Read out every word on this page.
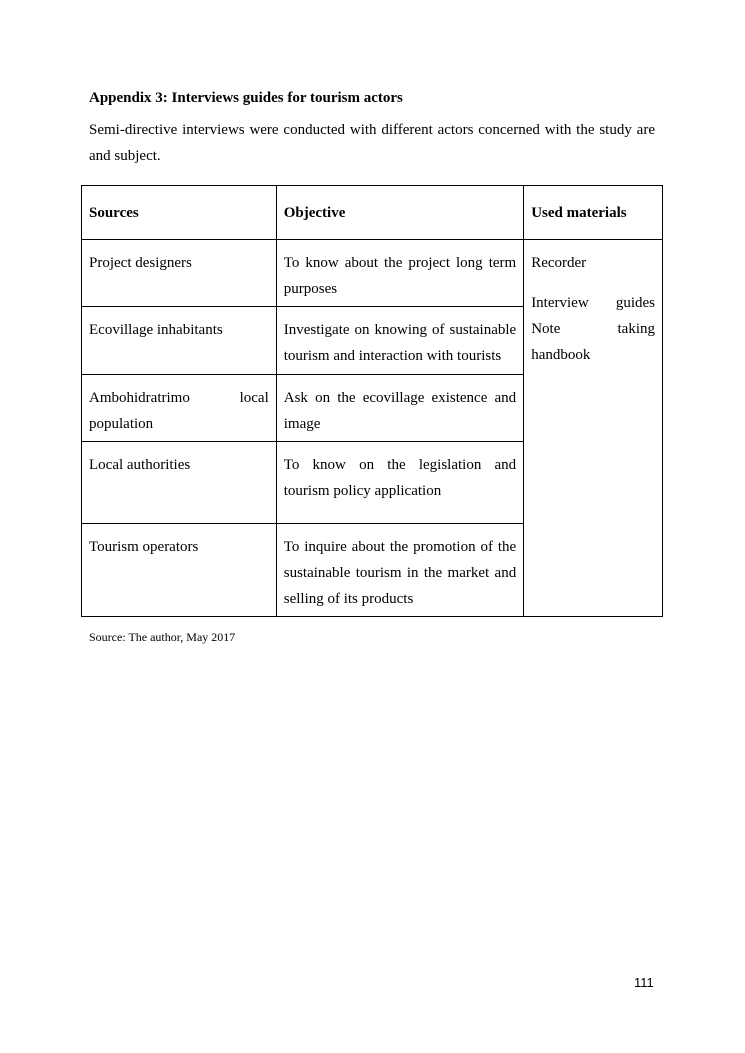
Appendix 3: Interviews guides for tourism actors

Semi-directive interviews were conducted with different actors concerned with the study are and subject.

Sources	Objective	Used materials
Project designers	To know about the project long term purposes	Recorder
Interview guides
Note taking
handbook

Ecovillage inhabitants	Investigate on knowing of sustainable tourism and interaction with tourists	

Ambohidratrimo local
population	Ask on the ecovillage existence and image	
Local authorities	To know on the legislation and tourism policy application	
Tourism operators	To inquire about the promotion of the sustainable tourism in the market and selling of its products	

Source: The author, May 2017

111
